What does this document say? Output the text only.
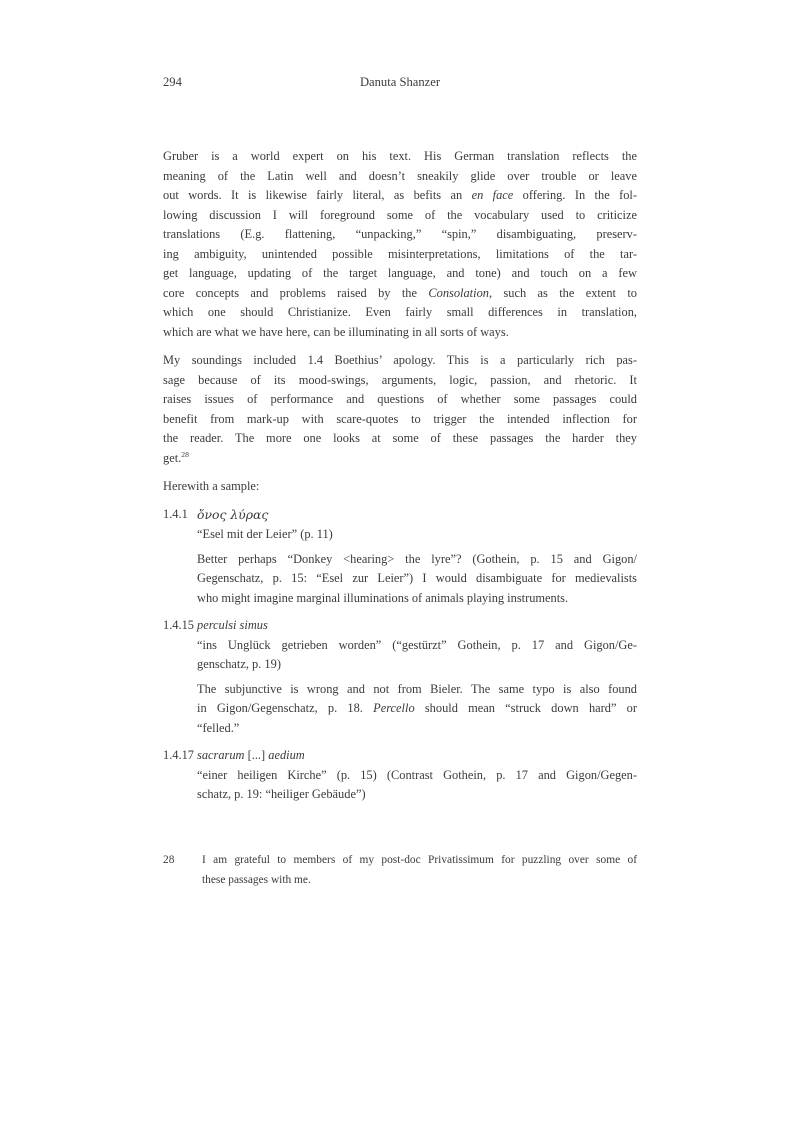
294	Danuta Shanzer
Gruber is a world expert on his text. His German translation reflects the
meaning of the Latin well and doesn’t sneakily glide over trouble or leave
out words. It is likewise fairly literal, as befits an en face offering. In the fol-
lowing discussion I will foreground some of the vocabulary used to criticize
translations (E.g. flattening, “unpacking,” “spin,” disambiguating, preserv-
ing ambiguity, unintended possible misinterpretations, limitations of the tar-
get language, updating of the target language, and tone) and touch on a few
core concepts and problems raised by the Consolation, such as the extent to
which one should Christianize. Even fairly small differences in translation,
which are what we have here, can be illuminating in all sorts of ways.
My soundings included 1.4 Boethius’ apology. This is a particularly rich pas-
sage because of its mood-swings, arguments, logic, passion, and rhetoric. It
raises issues of performance and questions of whether some passages could
benefit from mark-up with scare-quotes to trigger the intended inflection for
the reader. The more one looks at some of these passages the harder they
get.$^{28}$
Herewith a sample:
1.4.1 ὄνος λύρας
“Esel mit der Leier” (p. 11)
Better perhaps “Donkey <hearing> the lyre”? (Gothein, p. 15 and Gigon/
Gegenschatz, p. 15: “Esel zur Leier”) I would disambiguate for medievalists
who might imagine marginal illuminations of animals playing instruments.
1.4.15 perculsi simus
“ins Unglück getrieben worden” (“gestürzt” Gothein, p. 17 and Gigon/Ge-
genschatz, p. 19)
The subjunctive is wrong and not from Bieler. The same typo is also found
in Gigon/Gegenschatz, p. 18. Percello should mean “struck down hard” or
“felled.”
1.4.17 sacrarum [...] aedium
“einer heiligen Kirche” (p. 15) (Contrast Gothein, p. 17 and Gigon/Gegen-
schatz, p. 19: “heiliger Gebäude”)
28 I am grateful to members of my post-doc Privatissimum for puzzling over some of
these passages with me.
